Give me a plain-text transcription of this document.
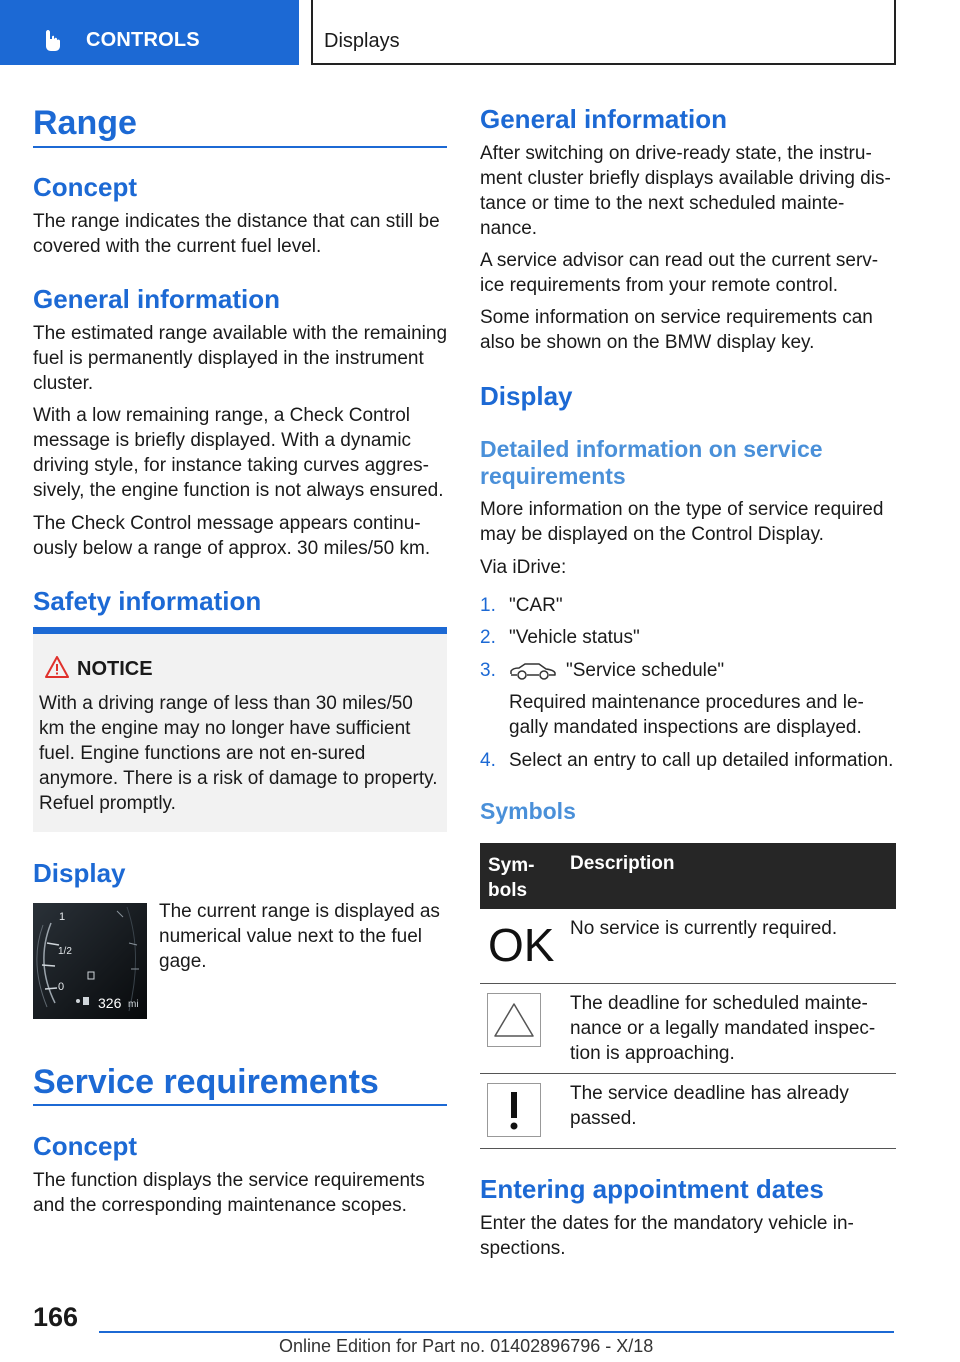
CONTROLS	Displays
Range
Concept
The range indicates the distance that can still be covered with the current fuel level.
General information
The estimated range available with the remaining fuel is permanently displayed in the instrument cluster.
With a low remaining range, a Check Control message is briefly displayed. With a dynamic driving style, for instance taking curves aggres-sively, the engine function is not always ensured.
The Check Control message appears continu-ously below a range of approx. 30 miles/50 km.
Safety information
NOTICE
With a driving range of less than 30 miles/50 km the engine may no longer have sufficient fuel. Engine functions are not en-sured anymore. There is a risk of damage to property. Refuel promptly.
Display
1
1/2
0
326 mi
The current range is displayed as numerical value next to the fuel gage.
Service requirements
Concept
The function displays the service requirements and the corresponding maintenance scopes.
General information
After switching on drive-ready state, the instru-ment cluster briefly displays available driving dis-tance or time to the next scheduled mainte-nance.
A service advisor can read out the current serv-ice requirements from your remote control.
Some information on service requirements can also be shown on the BMW display key.
Display
Detailed information on service requirements
More information on the type of service required may be displayed on the Control Display.
Via iDrive:
1. "CAR"
2. "Vehicle status"
3.	"Service schedule"
Required maintenance procedures and le-gally mandated inspections are displayed.
4. Select an entry to call up detailed information.
Symbols
Sym-bols
Description
OK No service is currently required.
The deadline for scheduled mainte-nance or a legally mandated inspec-tion is approaching.
The service deadline has already passed.
Entering appointment dates
Enter the dates for the mandatory vehicle in-spections.
166
Online Edition for Part no. 01402896796 - X/18
